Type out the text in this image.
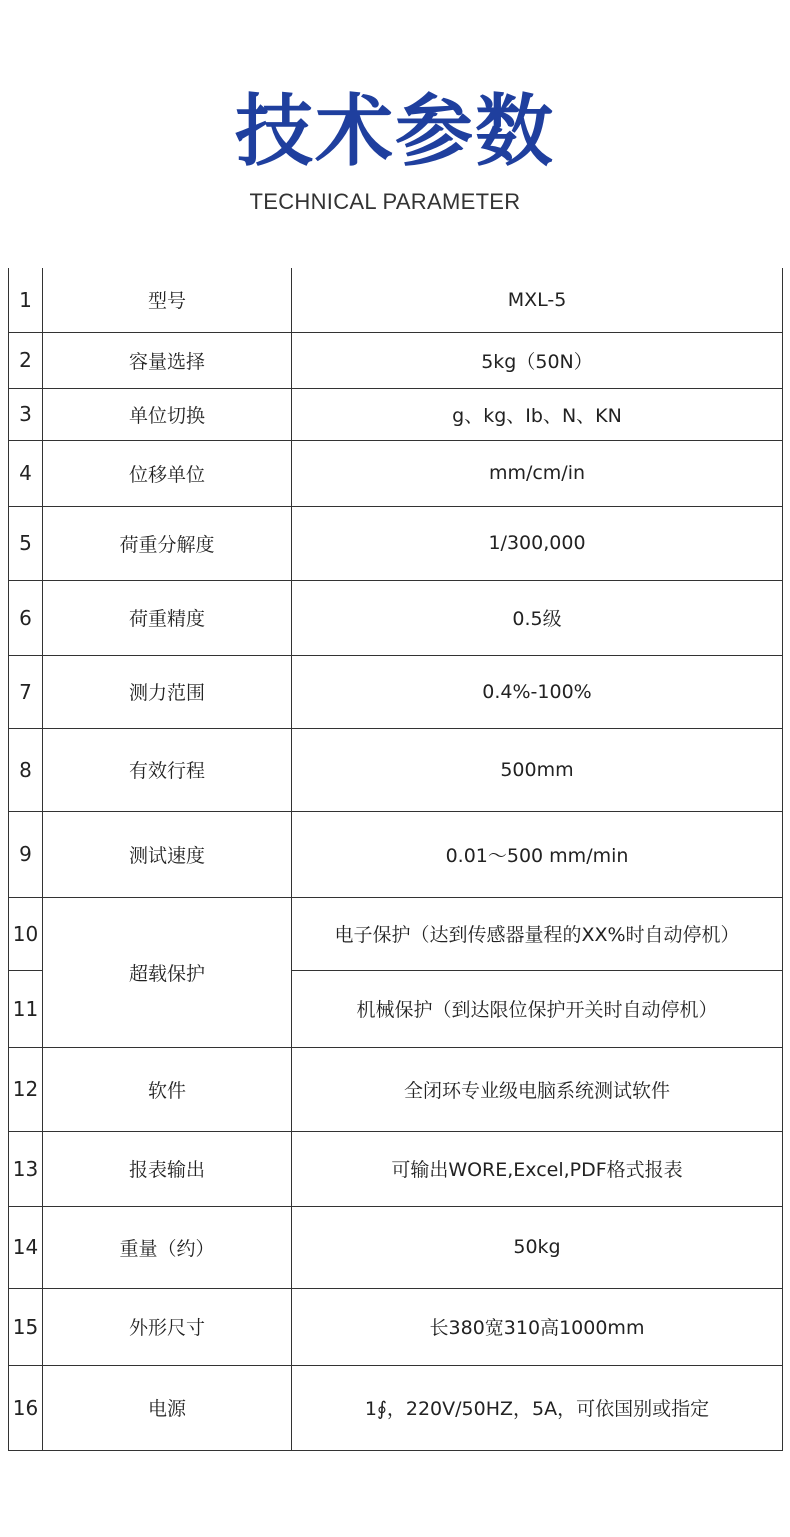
技术参数
TECHNICAL PARAMETER
1	型号	MXL-5
2	容量选择	5kg（50N）
3	单位切换	g、kg、Ib、N、KN
4	位移单位	mm/cm/in
5	荷重分解度	1/300,000
6	荷重精度	0.5级
7	测力范围	0.4%-100%
8	有效行程	500mm
9	测试速度	0.01～500 mm/min
10	超载保护	电子保护（达到传感器量程的XX%时自动停机）
11		机械保护（到达限位保护开关时自动停机）
12	软件	全闭环专业级电脑系统测试软件
13	报表输出	可输出WORE,Excel,PDF格式报表
14	重量（约）	50kg
15	外形尺寸	长380宽310高1000mm
16	电源	1∮，220V/50HZ，5A，可依国别或指定
